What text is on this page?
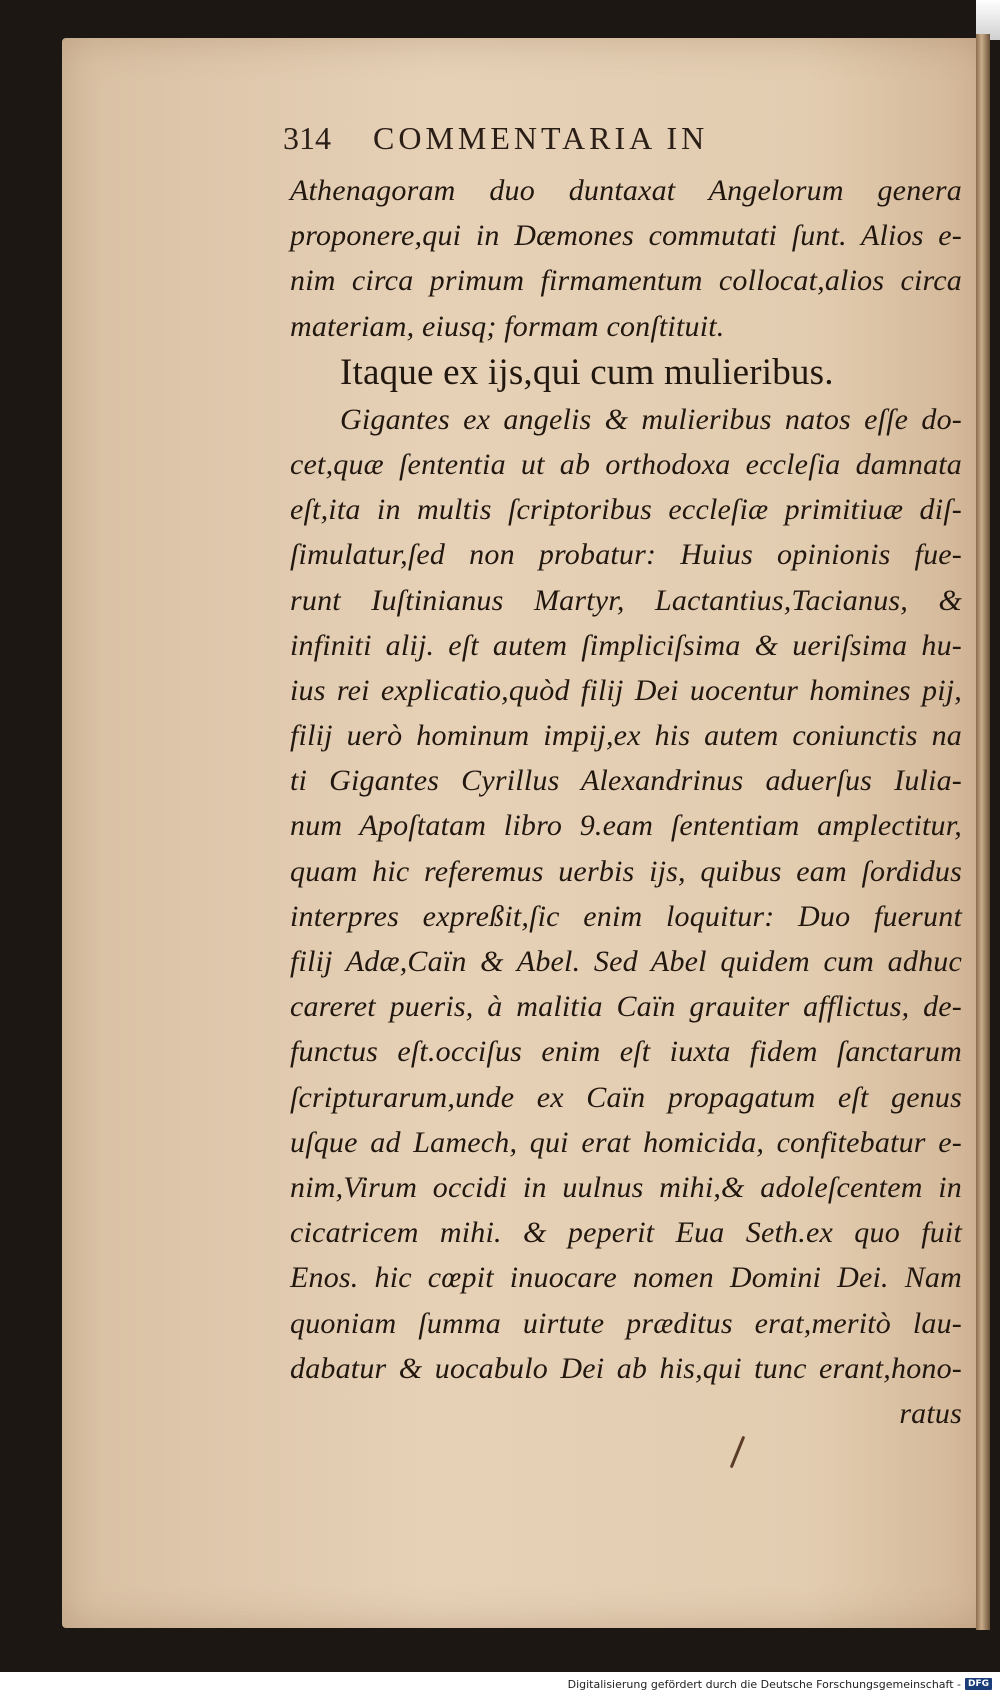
314 COMMENTARIA IN
Athenagoram duo duntaxat Angelorum genera
proponere,qui in Dæmones commutati ſunt. Alios e-
nim circa primum firmamentum collocat,alios circa
materiam, eiusq; formam conſtituit.
Itaque ex ijs,qui cum mulieribus.
Gigantes ex angelis & mulieribus natos eſſe do-
cet,quæ ſententia ut ab orthodoxa eccleſia damnata
eſt,ita in multis ſcriptoribus eccleſiæ primitiuæ diſ-
ſimulatur,ſed non probatur: Huius opinionis fue-
runt Iuſtinianus Martyr, Lactantius,Tacianus, &
infiniti alij. eſt autem ſimpliciſsima & ueriſsima hu-
ius rei explicatio,quòd filij Dei uocentur homines pij,
filij uerò hominum impij,ex his autem coniunctis na
ti Gigantes Cyrillus Alexandrinus aduerſus Iulia-
num Apoſtatam libro 9.eam ſententiam amplectitur,
quam hic referemus uerbis ijs, quibus eam ſordidus
interpres expreßit,ſic enim loquitur: Duo fuerunt
filij Adæ,Caïn & Abel. Sed Abel quidem cum adhuc
careret pueris, à malitia Caïn grauiter afflictus, de-
functus eſt.occiſus enim eſt iuxta fidem ſanctarum
ſcripturarum,unde ex Caïn propagatum eſt genus
uſque ad Lamech, qui erat homicida, confitebatur e-
nim,Virum occidi in uulnus mihi,& adoleſcentem in
cicatricem mihi. & peperit Eua Seth.ex quo fuit
Enos. hic cœpit inuocare nomen Domini Dei. Nam
quoniam ſumma uirtute præditus erat,meritò lau-
dabatur & uocabulo Dei ab his,qui tunc erant,hono-
ratus
Digitalisierung gefördert durch die Deutsche Forschungsgemeinschaft - DFG
